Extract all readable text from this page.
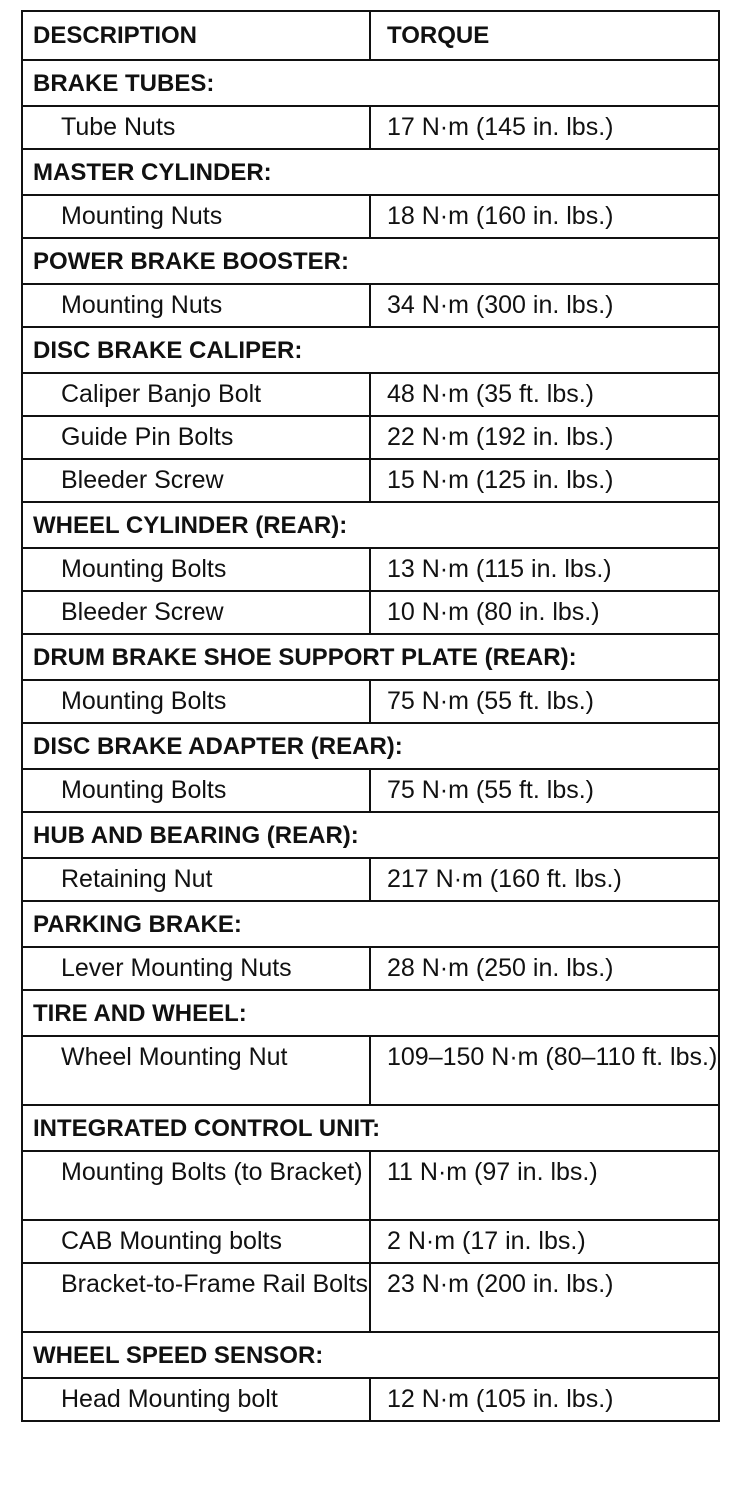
DESCRIPTION	TORQUE
BRAKE TUBES:	

Tube Nuts	17 N·m (145 in. lbs.)
MASTER CYLINDER:	

Mounting Nuts	18 N·m (160 in. lbs.)
POWER BRAKE BOOSTER:	

Mounting Nuts	34 N·m (300 in. lbs.)
DISC BRAKE CALIPER:	

Caliper Banjo Bolt	48 N·m (35 ft. lbs.)

Guide Pin Bolts	22 N·m (192 in. lbs.)

Bleeder Screw	15 N·m (125 in. lbs.)
WHEEL CYLINDER (REAR):	

Mounting Bolts	13 N·m (115 in. lbs.)

Bleeder Screw	10 N·m (80 in. lbs.)
DRUM BRAKE SHOE SUPPORT PLATE (REAR):	

Mounting Bolts	75 N·m (55 ft. lbs.)
DISC BRAKE ADAPTER (REAR):	

Mounting Bolts	75 N·m (55 ft. lbs.)
HUB AND BEARING (REAR):	

Retaining Nut	217 N·m (160 ft. lbs.)
PARKING BRAKE:	

Lever Mounting Nuts	28 N·m (250 in. lbs.)
TIRE AND WHEEL:	

Wheel Mounting Nut	109–150 N·m (80–110 ft. lbs.)
INTEGRATED CONTROL UNIT:	

Mounting Bolts (to Bracket)	11 N·m (97 in. lbs.)

CAB Mounting bolts	2 N·m (17 in. lbs.)

Bracket-to-Frame Rail Bolts	23 N·m (200 in. lbs.)
WHEEL SPEED SENSOR:	

Head Mounting bolt	12 N·m (105 in. lbs.)
